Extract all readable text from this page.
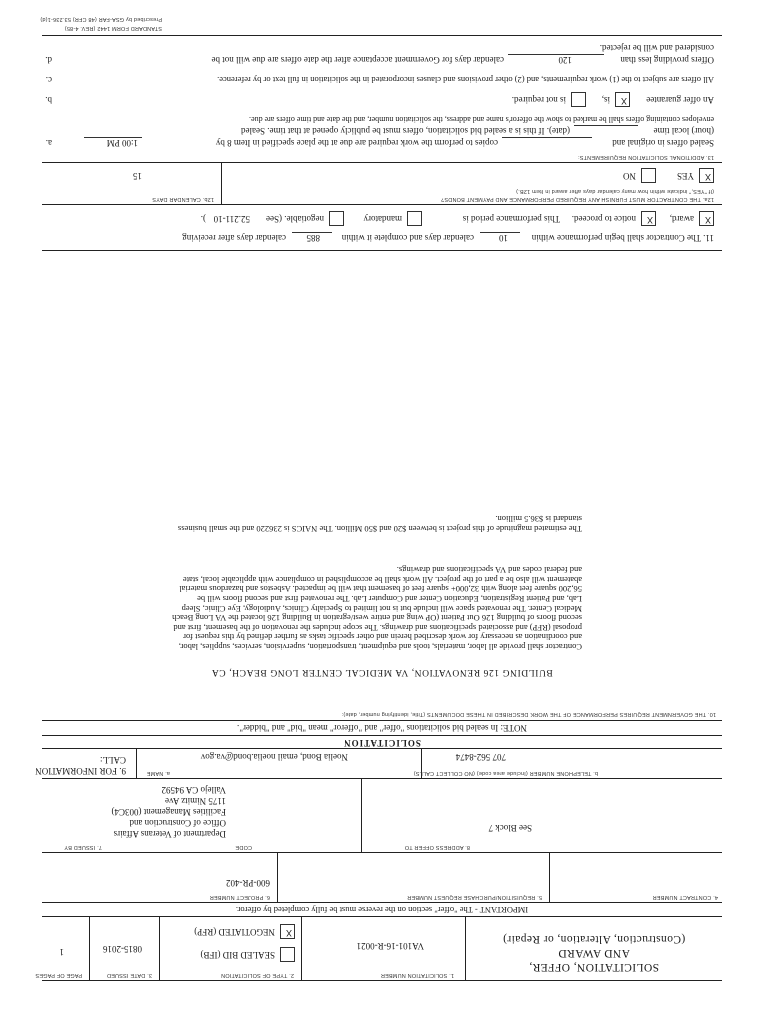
PAGE OF PAGES
1
3. DATE ISSUED
0815-2016
2. TYPE OF SOLICITATION
SEALED BID (IFB)
X
NEGOTIATED (RFP)
1. SOLICITATION NUMBER
VA101-16-R-0021
SOLICITATION, OFFER,
AND AWARD
(Construction, Alteration, or Repair)
IMPORTANT - The "offer" section on the reverse must be fully completed by offeror.
6. PROJECT NUMBER
600-PR-402
5. REQUISITION/PURCHASE REQUEST NUMBER	4. CONTRACT NUMBER
7. ISSUED BY	CODE
Department of Veterans Affairs
Office of Construction and
Facilities Management (003C4)
1175 Nimitz Ave
Vallejo CA 94592
8. ADDRESS OFFER TO
See Block 7
9. FOR INFORMATION
CALL:
a. NAME
Noelia Bond, email noelia.bond@va.gov
b. TELEPHONE NUMBER (Include area code) (NO COLLECT CALLS)
707 562-8474
SOLICITATION
NOTE: In sealed bid solicitations "offer" and "offeror" mean "bid" and "bidder".
10. THE GOVERNMENT REQUIRES PERFORMANCE OF THE WORK DESCRIBED IN THESE DOCUMENTS (Title, identifying number, date):
BUILDING 126 RENOVATION, VA MEDICAL CENTER LONG BEACH, CA
Contractor shall provide all labor, materials, tools and equipment, transportation, supervision, services, supplies, labor, and coordination as necessary for work described herein and other specific tasks as further defined by this request for proposal (RFP) and associated specifications and drawings. The scope includes the renovation of the basement, first and second floors of building 126 Out Patient (OP wing and entire west/egration in Building 126 located the VA Long Beach Medical Center. The renovated space will include but is not limited to Specialty Clinics, Audiology, Eye Clinic, Sleep Lab, and Patient Registration, Education Center and Computer Lab. The renovated first and second floors will be 56,200 square feet along with 32,000+ square feet of basement that will be impacted. Asbestos and hazardous material abatement will also be a part of the project. All work shall be accomplished in compliance with applicable local, state and federal codes and VA specifications and drawings.
The estimated magnitude of this project is between $20 and $50 Million. The NAICS is 236220 and the small business standard is $36.5 million.
11. The Contractor shall begin performance within
10
calendar days and complete it within
885
calendar days after receiving
X
award,
X
notice to proceed.
This performance period is
mandatory
negotiable. (See
52.211-10
).
12a. THE CONTRACTOR MUST FURNISH ANY REQUIRED PERFORMANCE AND PAYMENT BONDS?
(If "YES," indicate within how many calendar days after award in Item 12B.)
X
YES
NO
12b. CALENDAR DAYS
15
13. ADDITIONAL SOLICITATION REQUIREMENTS:
a.	Sealed offers in original and
copies to perform the work required are due at the place specified in Item 8 by
1:00 PM
(hour) local time
(date). If this is a sealed bid solicitation, offers must be publicly opened at that time. Sealed
envelopes containing offers shall be marked to show the offeror's name and address, the solicitation number, and the date and time offers are due.
b.	An offer guarantee
X
is,
is not required.
c.	All offers are subject to the (1) work requirements, and (2) other provisions and clauses incorporated in the solicitation in full text or by reference.
d.	Offers providing less than
120
calendar days for Government acceptance after the date offers are due will not be
considered and will be rejected.
STANDARD FORM 1442 (REV. 4-85)
Prescribed by GSA-FAR (48 CFR) 53.236-1(d)
